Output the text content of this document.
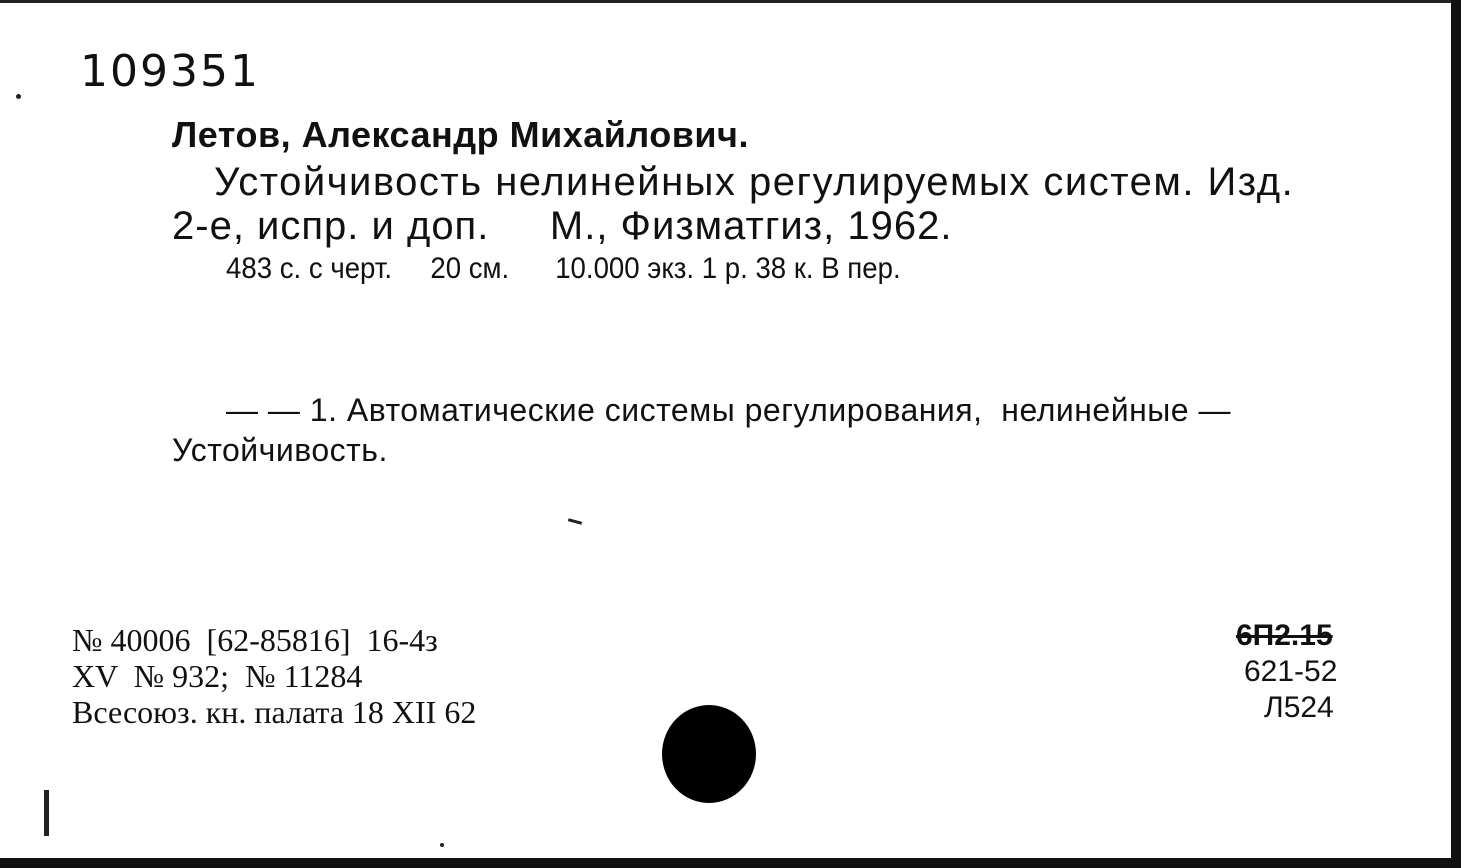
109351
Летов, Александр Михайлович.
Устойчивость нелинейных регулируемых систем. Изд.
2-е, испр. и доп.     М., Физматгиз, 1962.
483 с. с черт.     20 см.      10.000 экз. 1 р. 38 к. В пер.
— — 1. Автоматические системы регулирования,  нелинейные —
Устойчивость.
№ 40006  [62-85816]  16-4з
XV  № 932;  № 11284
Всесоюз. кн. палата 18 XII 62
6П2.15
621-52
Л524
